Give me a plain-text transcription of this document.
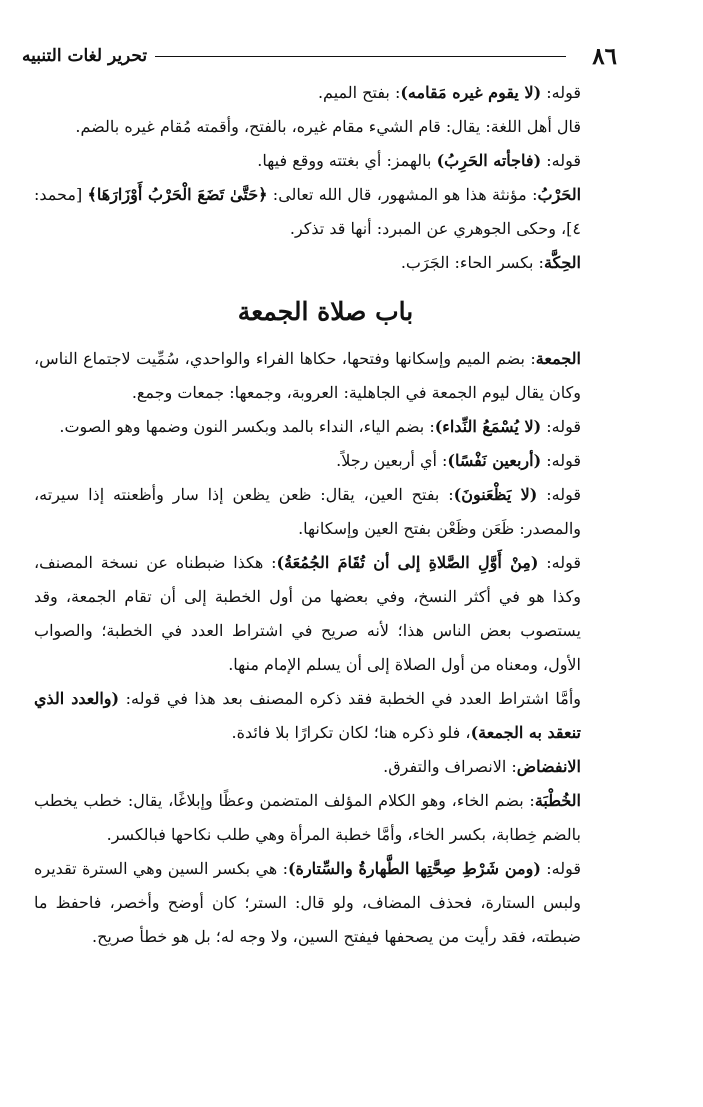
٨٦
تحرير لغات التنبيه

قوله: (لا يقوم غيره مَقامه): بفتح الميم.

قال أهل اللغة: يقال: قام الشيء مقام غيره، بالفتح، وأقمته مُقام غيره بالضم.

قوله: (فاجأته الحَرِبُ) بالهمز: أي بغتته ووقع فيها.

الحَرْبُ: مؤنثة هذا هو المشهور، قال الله تعالى: ﴿حَتَّىٰ تَضَعَ الْحَرْبُ أَوْزَارَهَا﴾ [محمد: ٤]، وحكى الجوهري عن المبرد: أنها قد تذكر.

الحِكَّة: بكسر الحاء: الجَرَب.

باب صلاة الجمعة

الجمعة: بضم الميم وإسكانها وفتحها، حكاها الفراء والواحدي، سُمِّيت لاجتماع الناس، وكان يقال ليوم الجمعة في الجاهلية: العروبة، وجمعها: جمعات وجمع.

قوله: (لا يُسْمَعُ النِّداء): بضم الياء، النداء بالمد وبكسر النون وضمها وهو الصوت.

قوله: (أربعين نَفْسًا): أي أربعين رجلاً.

قوله: (لا يَظْعَنونَ): بفتح العين، يقال: ظعن يظعن إذا سار وأظعنته إذا سيرته، والمصدر: ظَعَن وظَعْن بفتح العين وإسكانها.

قوله: (مِنْ أَوَّلِ الصَّلاةِ إلى أن تُقَامَ الجُمُعَةُ): هكذا ضبطناه عن نسخة المصنف، وكذا هو في أكثر النسخ، وفي بعضها من أول الخطبة إلى أن تقام الجمعة، وقد يستصوب بعض الناس هذا؛ لأنه صريح في اشتراط العدد في الخطبة؛ والصواب الأول، ومعناه من أول الصلاة إلى أن يسلم الإمام منها.

وأمَّا اشتراط العدد في الخطبة فقد ذكره المصنف بعد هذا في قوله: (والعدد الذي تنعقد به الجمعة)، فلو ذكره هنا؛ لكان تكرارًا بلا فائدة.

الانفضاض: الانصراف والتفرق.

الخُطْبَة: بضم الخاء، وهو الكلام المؤلف المتضمن وعظًا وإبلاغًا، يقال: خطب يخطب بالضم خِطابة، بكسر الخاء، وأمَّا خطبة المرأة وهي طلب نكاحها فبالكسر.

قوله: (ومن شَرْطِ صِحَّتِها الطَّهارةُ والسِّتارة): هي بكسر السين وهي السترة تقديره ولبس الستارة، فحذف المضاف، ولو قال: الستر؛ كان أوضح وأخصر، فاحفظ ما ضبطته، فقد رأيت من يصحفها فيفتح السين، ولا وجه له؛ بل هو خطأ صريح.
